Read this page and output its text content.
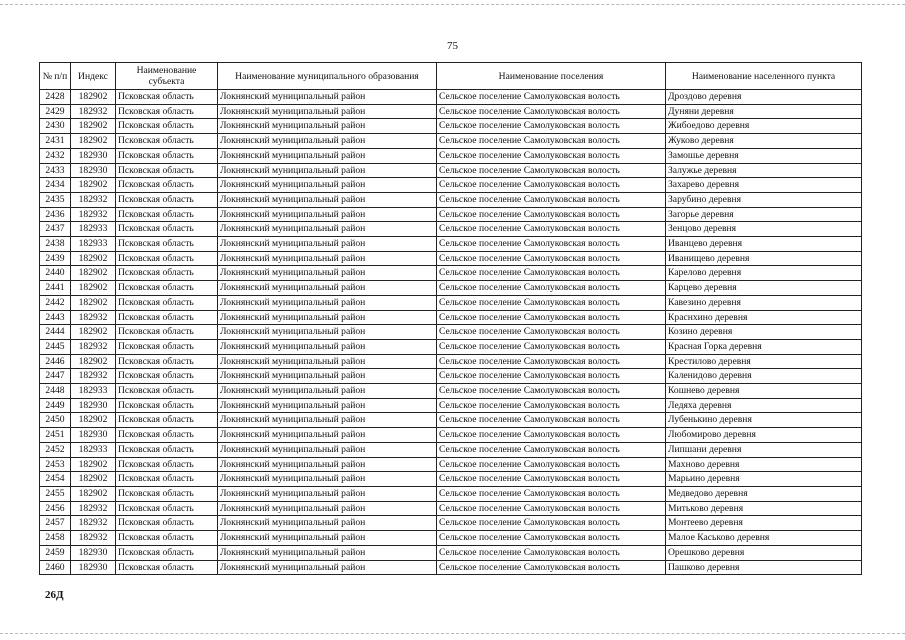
75
№ п/п	Индекс	Наименование субъекта	Наименование муниципального образования	Наименование поселения	Наименование населенного пункта
2428	182902	Псковская область	Локнянский муниципальный район	Сельское поселение Самолуковская волость	Дроздово деревня
2429	182932	Псковская область	Локнянский муниципальный район	Сельское поселение Самолуковская волость	Дуняни деревня
2430	182902	Псковская область	Локнянский муниципальный район	Сельское поселение Самолуковская волость	Жибоедово деревня
2431	182902	Псковская область	Локнянский муниципальный район	Сельское поселение Самолуковская волость	Жуково деревня
2432	182930	Псковская область	Локнянский муниципальный район	Сельское поселение Самолуковская волость	Замошье деревня
2433	182930	Псковская область	Локнянский муниципальный район	Сельское поселение Самолуковская волость	Залужье деревня
2434	182902	Псковская область	Локнянский муниципальный район	Сельское поселение Самолуковская волость	Захарево деревня
2435	182932	Псковская область	Локнянский муниципальный район	Сельское поселение Самолуковская волость	Зарубино деревня
2436	182932	Псковская область	Локнянский муниципальный район	Сельское поселение Самолуковская волость	Загорье деревня
2437	182933	Псковская область	Локнянский муниципальный район	Сельское поселение Самолуковская волость	Зенцово деревня
2438	182933	Псковская область	Локнянский муниципальный район	Сельское поселение Самолуковская волость	Иванцево деревня
2439	182902	Псковская область	Локнянский муниципальный район	Сельское поселение Самолуковская волость	Иванищево деревня
2440	182902	Псковская область	Локнянский муниципальный район	Сельское поселение Самолуковская волость	Карелово деревня
2441	182902	Псковская область	Локнянский муниципальный район	Сельское поселение Самолуковская волость	Карцево деревня
2442	182902	Псковская область	Локнянский муниципальный район	Сельское поселение Самолуковская волость	Кавезино деревня
2443	182932	Псковская область	Локнянский муниципальный район	Сельское поселение Самолуковская волость	Краснхино деревня
2444	182902	Псковская область	Локнянский муниципальный район	Сельское поселение Самолуковская волость	Козино деревня
2445	182932	Псковская область	Локнянский муниципальный район	Сельское поселение Самолуковская волость	Красная Горка деревня
2446	182902	Псковская область	Локнянский муниципальный район	Сельское поселение Самолуковская волость	Крестилово деревня
2447	182932	Псковская область	Локнянский муниципальный район	Сельское поселение Самолуковская волость	Каленидово деревня
2448	182933	Псковская область	Локнянский муниципальный район	Сельское поселение Самолуковская волость	Кошнево деревня
2449	182930	Псковская область	Локнянский муниципальный район	Сельское поселение Самолуковская волость	Ледяха деревня
2450	182902	Псковская область	Локнянский муниципальный район	Сельское поселение Самолуковская волость	Лубенькино деревня
2451	182930	Псковская область	Локнянский муниципальный район	Сельское поселение Самолуковская волость	Любомирово деревня
2452	182933	Псковская область	Локнянский муниципальный район	Сельское поселение Самолуковская волость	Липшани деревня
2453	182902	Псковская область	Локнянский муниципальный район	Сельское поселение Самолуковская волость	Махново деревня
2454	182902	Псковская область	Локнянский муниципальный район	Сельское поселение Самолуковская волость	Марьино деревня
2455	182902	Псковская область	Локнянский муниципальный район	Сельское поселение Самолуковская волость	Медведово деревня
2456	182932	Псковская область	Локнянский муниципальный район	Сельское поселение Самолуковская волость	Митьково деревня
2457	182932	Псковская область	Локнянский муниципальный район	Сельское поселение Самолуковская волость	Монтеево деревня
2458	182932	Псковская область	Локнянский муниципальный район	Сельское поселение Самолуковская волость	Малое Каськово деревня
2459	182930	Псковская область	Локнянский муниципальный район	Сельское поселение Самолуковская волость	Орешково деревня
2460	182930	Псковская область	Локнянский муниципальный район	Сельское поселение Самолуковская волость	Пашково деревня
26Д
